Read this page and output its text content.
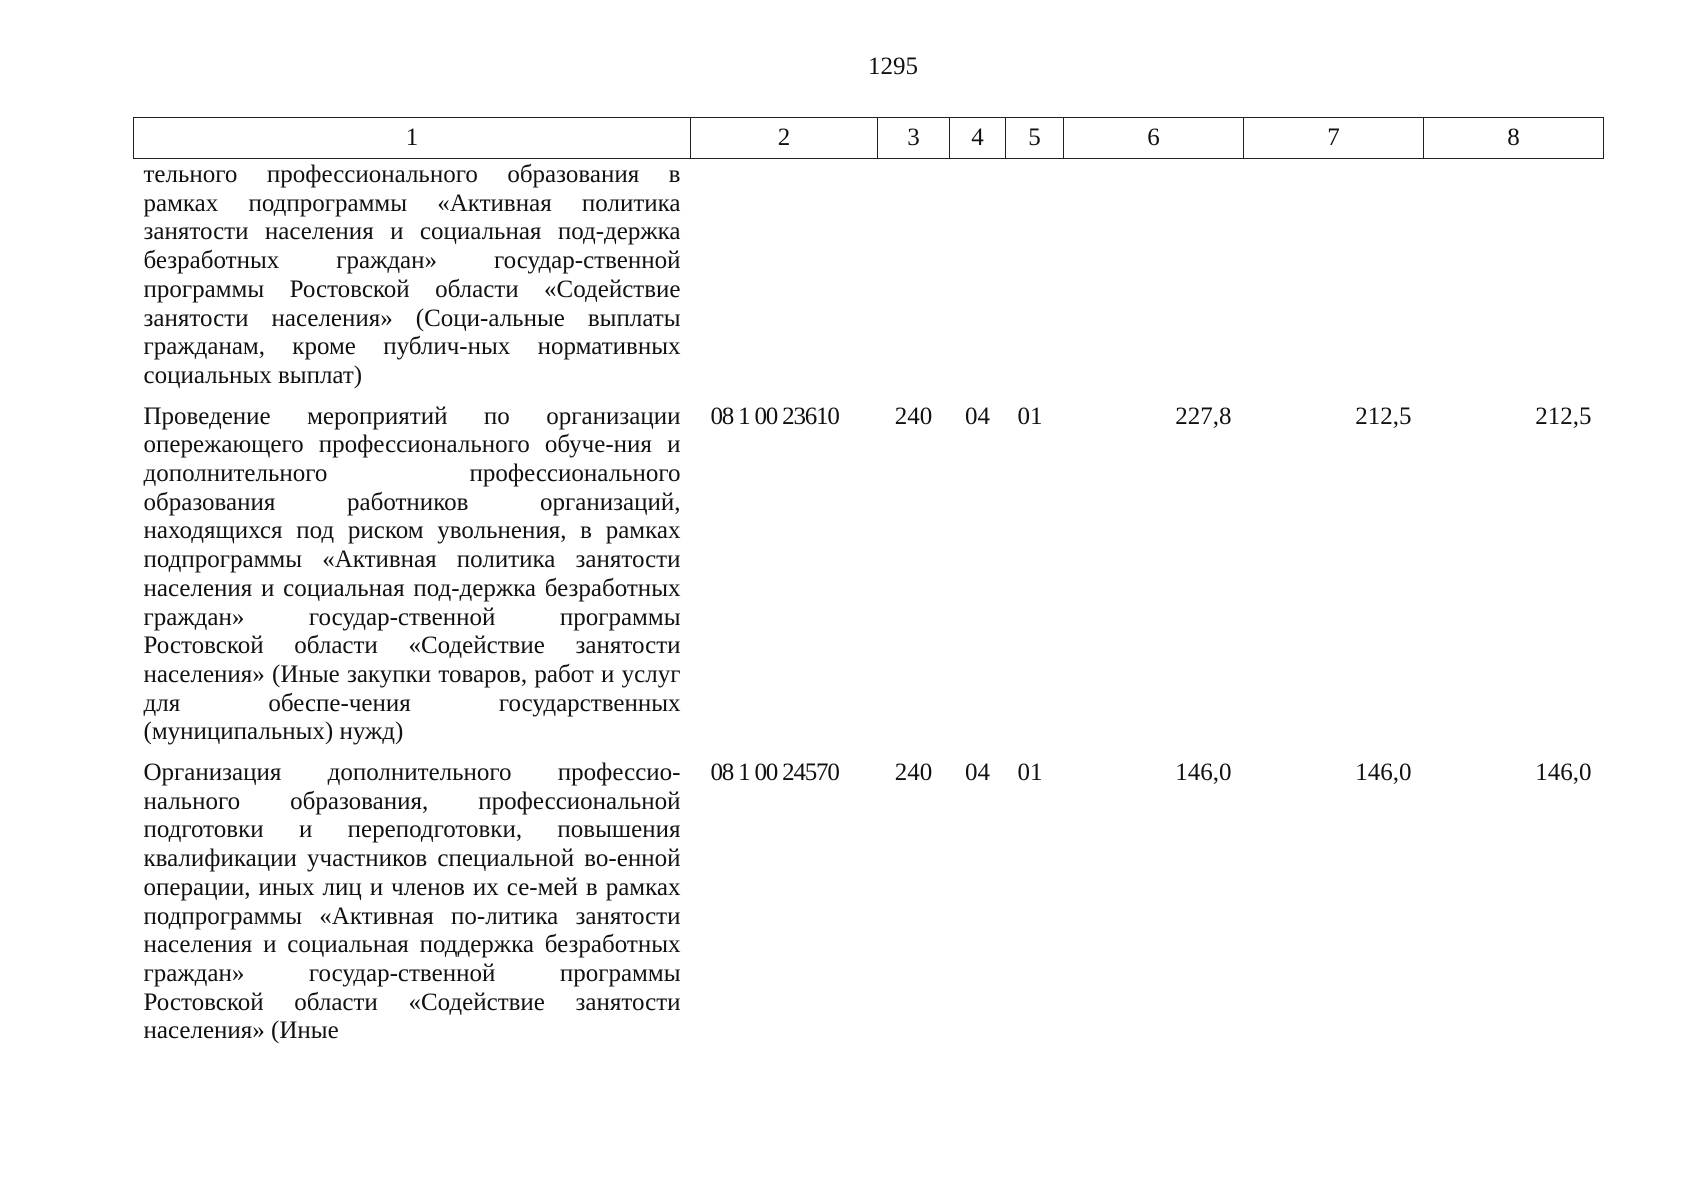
1295
1	2	3	4	5	6	7	8
тельного профессионального образования в рамках подпрограммы «Активная политика занятости населения и социальная под-держка безработных граждан» государ-ственной программы Ростовской области «Содействие занятости населения» (Соци-альные выплаты гражданам, кроме публич-ных нормативных социальных выплат)							
Проведение мероприятий по организации опережающего профессионального обуче-ния и дополнительного профессионального образования работников организаций, находящихся под риском увольнения, в рамках подпрограммы «Активная политика занятости населения и социальная под-держка безработных граждан» государ-ственной программы Ростовской области «Содействие занятости населения» (Иные закупки товаров, работ и услуг для обеспе-чения государственных (муниципальных) нужд)	08 1 00 23610	240	04	01	227,8	212,5	212,5
Организация дополнительного профессио-нального образования, профессиональной подготовки и переподготовки, повышения квалификации участников специальной во-енной операции, иных лиц и членов их се-мей в рамках подпрограммы «Активная по-литика занятости населения и социальная поддержка безработных граждан» государ-ственной программы Ростовской области «Содействие занятости населения» (Иные	08 1 00 24570	240	04	01	146,0	146,0	146,0
